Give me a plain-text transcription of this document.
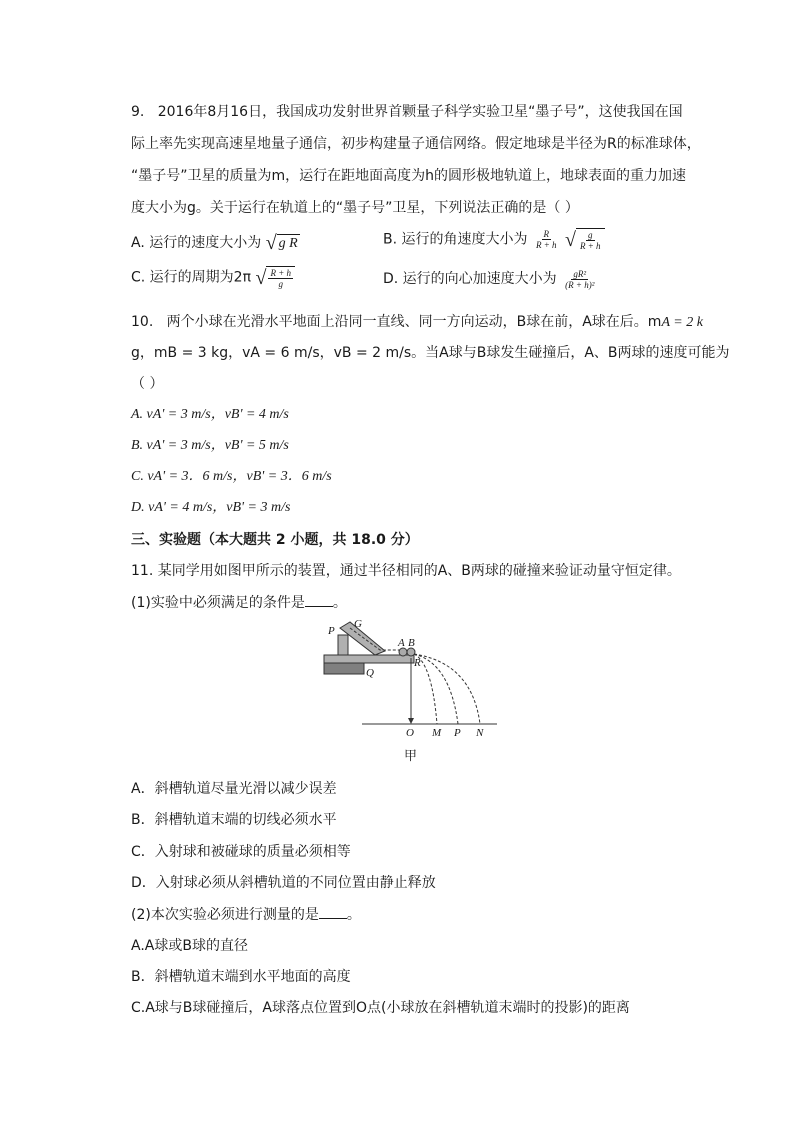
9. 2016年8月16日，我国成功发射世界首颗量子科学实验卫星“墨子号”，这使我国在国
际上率先实现高速星地量子通信，初步构建量子通信网络。假定地球是半径为R的标准球体，
“墨子号”卫星的质量为m，运行在距地面高度为h的圆形极地轨道上，地球表面的重力加速
度大小为g。关于运行在轨道上的“墨子号”卫星，下列说法正确的是（ ）
A. 运行的速度大小为 √ g R	B. 运行的角速度大小为 $\frac{R}{R + h}$
√ $\frac{g}{R + h}$
C. 运行的周期为2π √ $\frac{R + h}{g}$	D. 运行的向心加速度大小为 $\frac{\text{gR²}}{\text{(R + h)²}}$
10. 两个小球在光滑水平地面上沿同一直线、同一方向运动，B球在前，A球在后。mA = 2 k
g，mB = 3 kg，vA = 6 m/s，vB = 2 m/s。当A球与B球发生碰撞后，A、B两球的速度可能为
（ ）
A. vA' = 3 m/s，vB' = 4 m/s
B. vA' = 3 m/s，vB' = 5 m/s
C. vA' = 3．6 m/s，vB' = 3．6 m/s
D. vA' = 4 m/s，vB' = 3 m/s
三、实验题（本大题共 2 小题，共 18.0 分）
11. 某同学用如图甲所示的装置，通过半径相同的A、B两球的碰撞来验证动量守恒定律。
(1)实验中必须满足的条件是 。
P
G
A B
R
Q
O M P N
甲
A．斜槽轨道尽量光滑以减少误差
B．斜槽轨道末端的切线必须水平
C．入射球和被碰球的质量必须相等
D．入射球必须从斜槽轨道的不同位置由静止释放
(2)本次实验必须进行测量的是 。
A.A球或B球的直径
B．斜槽轨道末端到水平地面的高度
C.A球与B球碰撞后，A球落点位置到O点(小球放在斜槽轨道末端时的投影)的距离
